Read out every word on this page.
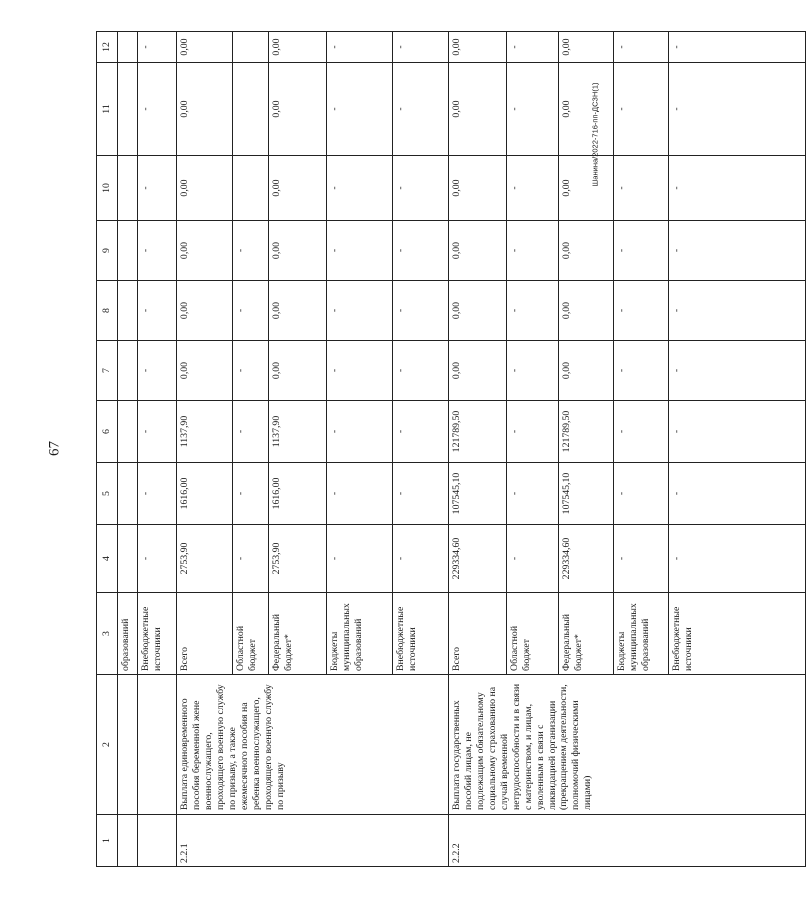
67
Шанина/2022-716-пп-ДСЗН(1)
1	2	3	4	5	6	7	8	9	10	11	12
		образований									
		Внебюджетные источники	-	-	-	-	-	-	-	-	-
2.2.1	Выплата единовременного пособия беременной жене военнослужащего, проходящего военную службу по призыву, а также ежемесячного пособия на ребенка военнослужащего, проходящего военную службу по призыву	Всего	2753,90	1616,00	1137,90	0,00	0,00	0,00	0,00	0,00	0,00
		Областной бюджет	-	-	-	-	-	-			
		Федеральный бюджет*	2753,90	1616,00	1137,90	0,00	0,00	0,00	0,00	0,00	0,00
		Бюджеты муниципальных образований	-	-	-	-	-	-	-	-	-
		Внебюджетные источники	-	-	-	-	-	-	-	-	-
2.2.2	Выплата государственных пособий лицам, не подлежащим обязательному социальному страхованию на случай временной нетрудоспособности и в связи с материнством, и лицам, уволенным в связи с ликвидацией организации (прекращением деятельности, полномочий физическими лицами)	Всего	229334,60	107545,10	121789,50	0,00	0,00	0,00	0,00	0,00	0,00
		Областной бюджет	-	-	-	-	-	-	-	-	-
		Федеральный бюджет*	229334,60	107545,10	121789,50	0,00	0,00	0,00	0,00	0,00	0,00
		Бюджеты муниципальных образований	-	-	-	-	-	-	-	-	-
		Внебюджетные источники	-	-	-	-	-	-	-	-	-
